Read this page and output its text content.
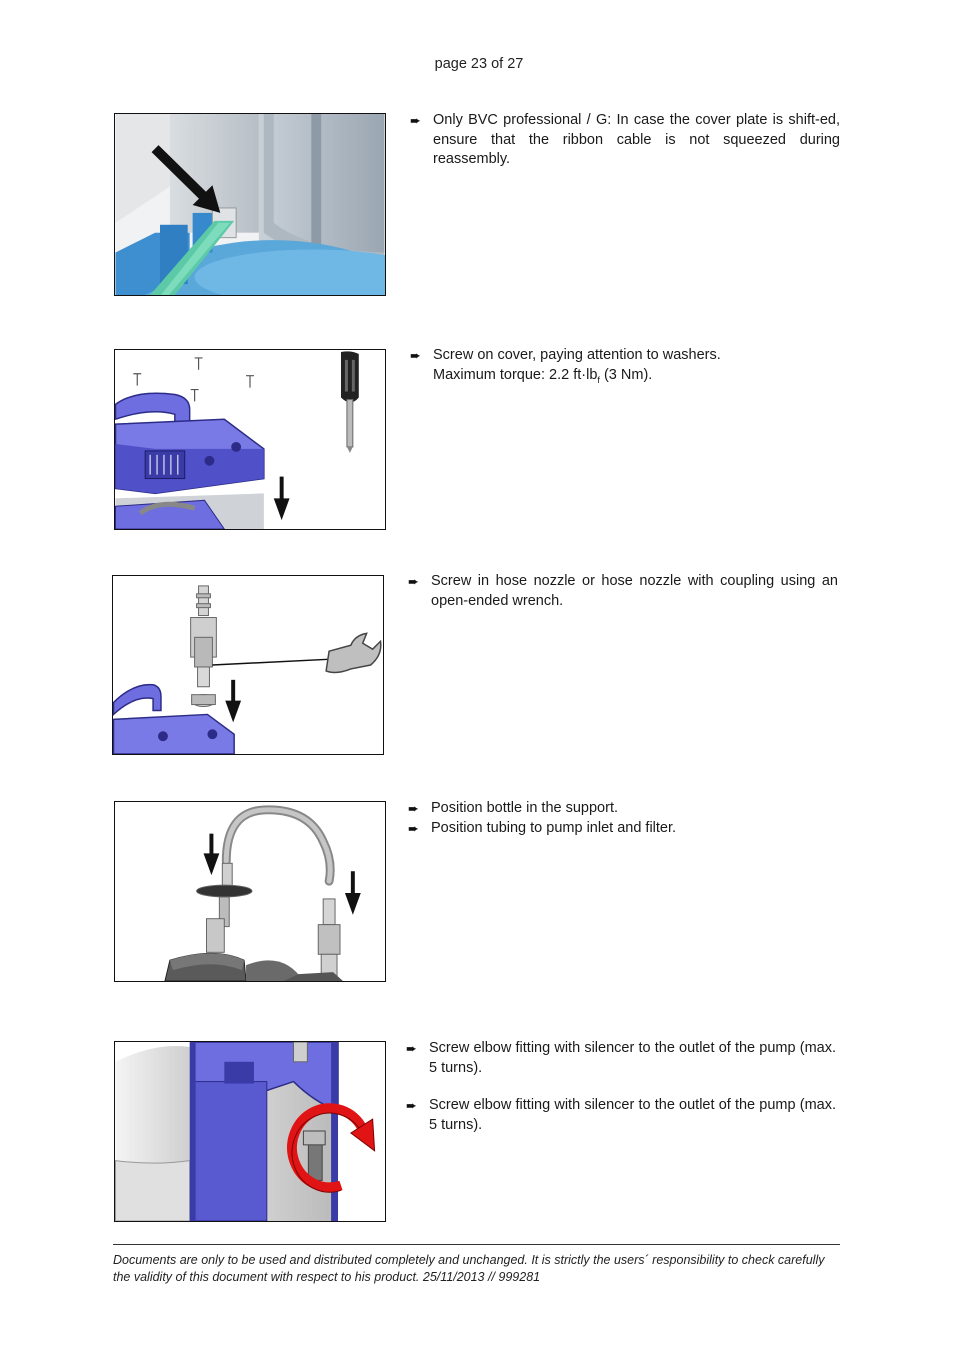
page 23 of 27
➨ Only BVC professional / G: In case the cover plate is shift-ed, ensure that the ribbon cable is not squeezed during reassembly.
➨ Screw on cover, paying attention to washers.
Maximum torque: 2.2 $ft\cdot lb_f$ (3 Nm).
➨ Screw in hose nozzle or hose nozzle with coupling using an open-ended wrench.
➨ Position bottle in the support.
➨ Position tubing to pump inlet and filter.
➨ Screw elbow fitting with silencer to the outlet of the pump (max. 5 turns).
➨ Screw elbow fitting with silencer to the outlet of the pump (max. 5 turns).
Documents are only to be used and distributed completely and unchanged. It is strictly the users´ responsibility to check carefully
the validity of this document with respect to his product. 25/11/2013 // 999281
